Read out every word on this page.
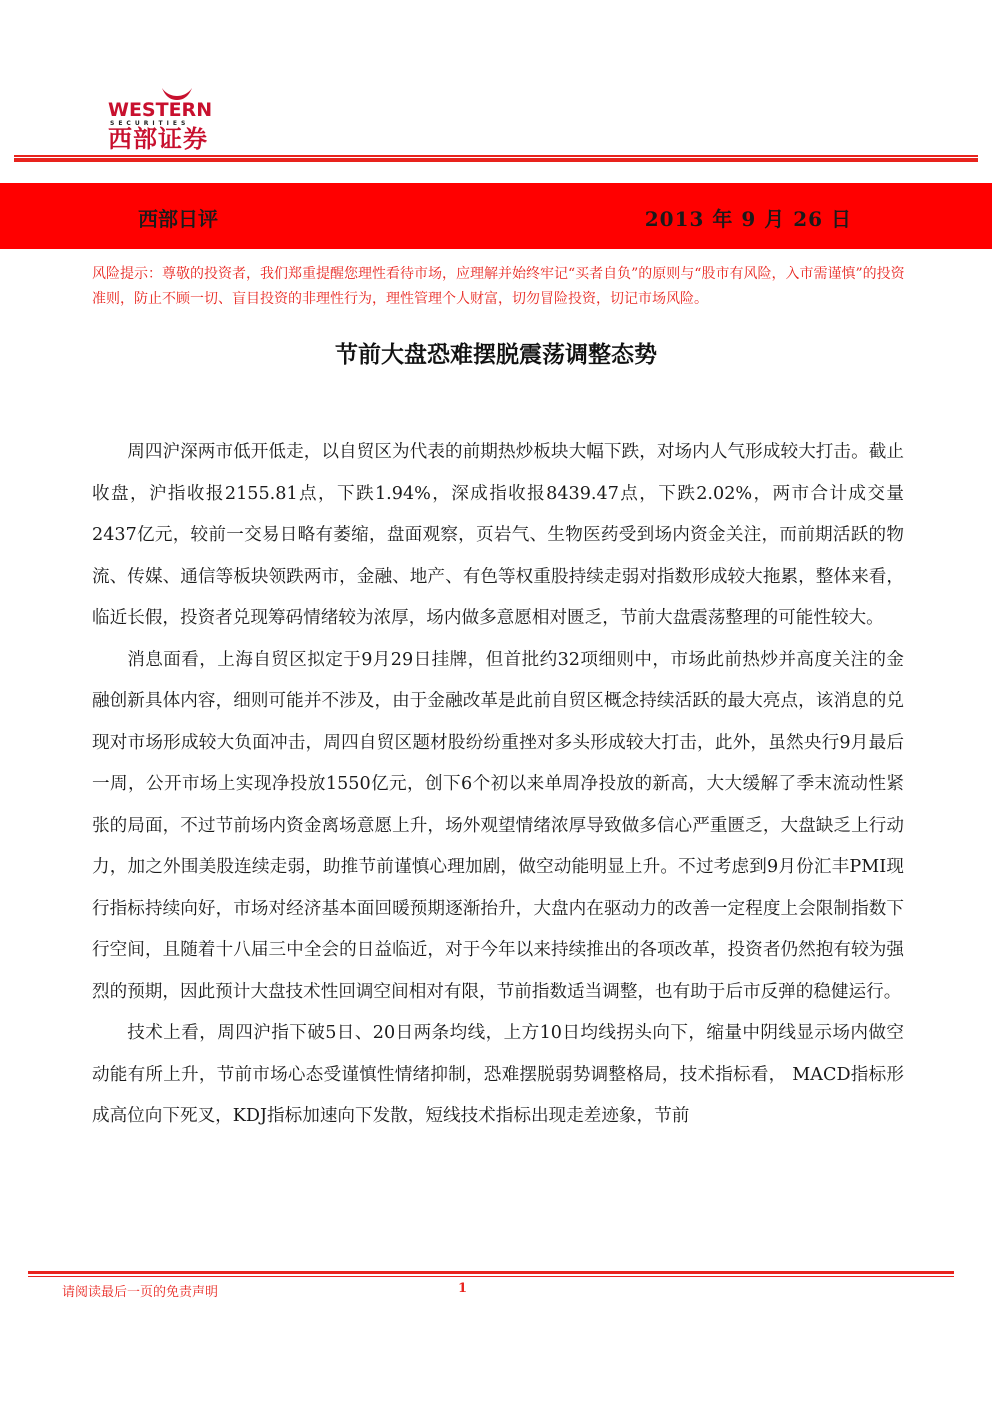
WESTERN
SECURITIES
西部证券
西部日评	2013 年 9 月 26 日
风险提示：尊敬的投资者，我们郑重提醒您理性看待市场，应理解并始终牢记“买者自负”的原则与“股市有风险，入市需谨慎”的投资准则，防止不顾一切、盲目投资的非理性行为，理性管理个人财富，切勿冒险投资，切记市场风险。
节前大盘恐难摆脱震荡调整态势

周四沪深两市低开低走，以自贸区为代表的前期热炒板块大幅下跌，对场内人气形成较大打击。截止收盘，沪指收报2155.81点，下跌1.94%，深成指收报8439.47点，下跌2.02%，两市合计成交量2437亿元，较前一交易日略有萎缩，盘面观察，页岩气、生物医药受到场内资金关注，而前期活跃的物流、传媒、通信等板块领跌两市，金融、地产、有色等权重股持续走弱对指数形成较大拖累，整体来看，临近长假，投资者兑现筹码情绪较为浓厚，场内做多意愿相对匮乏，节前大盘震荡整理的可能性较大。

消息面看，上海自贸区拟定于9月29日挂牌，但首批约32项细则中，市场此前热炒并高度关注的金融创新具体内容，细则可能并不涉及，由于金融改革是此前自贸区概念持续活跃的最大亮点，该消息的兑现对市场形成较大负面冲击，周四自贸区题材股纷纷重挫对多头形成较大打击，此外，虽然央行9月最后一周，公开市场上实现净投放1550亿元，创下6个初以来单周净投放的新高，大大缓解了季末流动性紧张的局面，不过节前场内资金离场意愿上升，场外观望情绪浓厚导致做多信心严重匮乏，大盘缺乏上行动力，加之外围美股连续走弱，助推节前谨慎心理加剧，做空动能明显上升。不过考虑到9月份汇丰PMI现行指标持续向好，市场对经济基本面回暖预期逐渐抬升，大盘内在驱动力的改善一定程度上会限制指数下行空间，且随着十八届三中全会的日益临近，对于今年以来持续推出的各项改革，投资者仍然抱有较为强烈的预期，因此预计大盘技术性回调空间相对有限，节前指数适当调整，也有助于后市反弹的稳健运行。

技术上看，周四沪指下破5日、20日两条均线，上方10日均线拐头向下，缩量中阴线显示场内做空动能有所上升，节前市场心态受谨慎性情绪抑制，恐难摆脱弱势调整格局，技术指标看， MACD指标形成高位向下死叉，KDJ指标加速向下发散，短线技术指标出现走差迹象，节前

请阅读最后一页的免责声明	1
